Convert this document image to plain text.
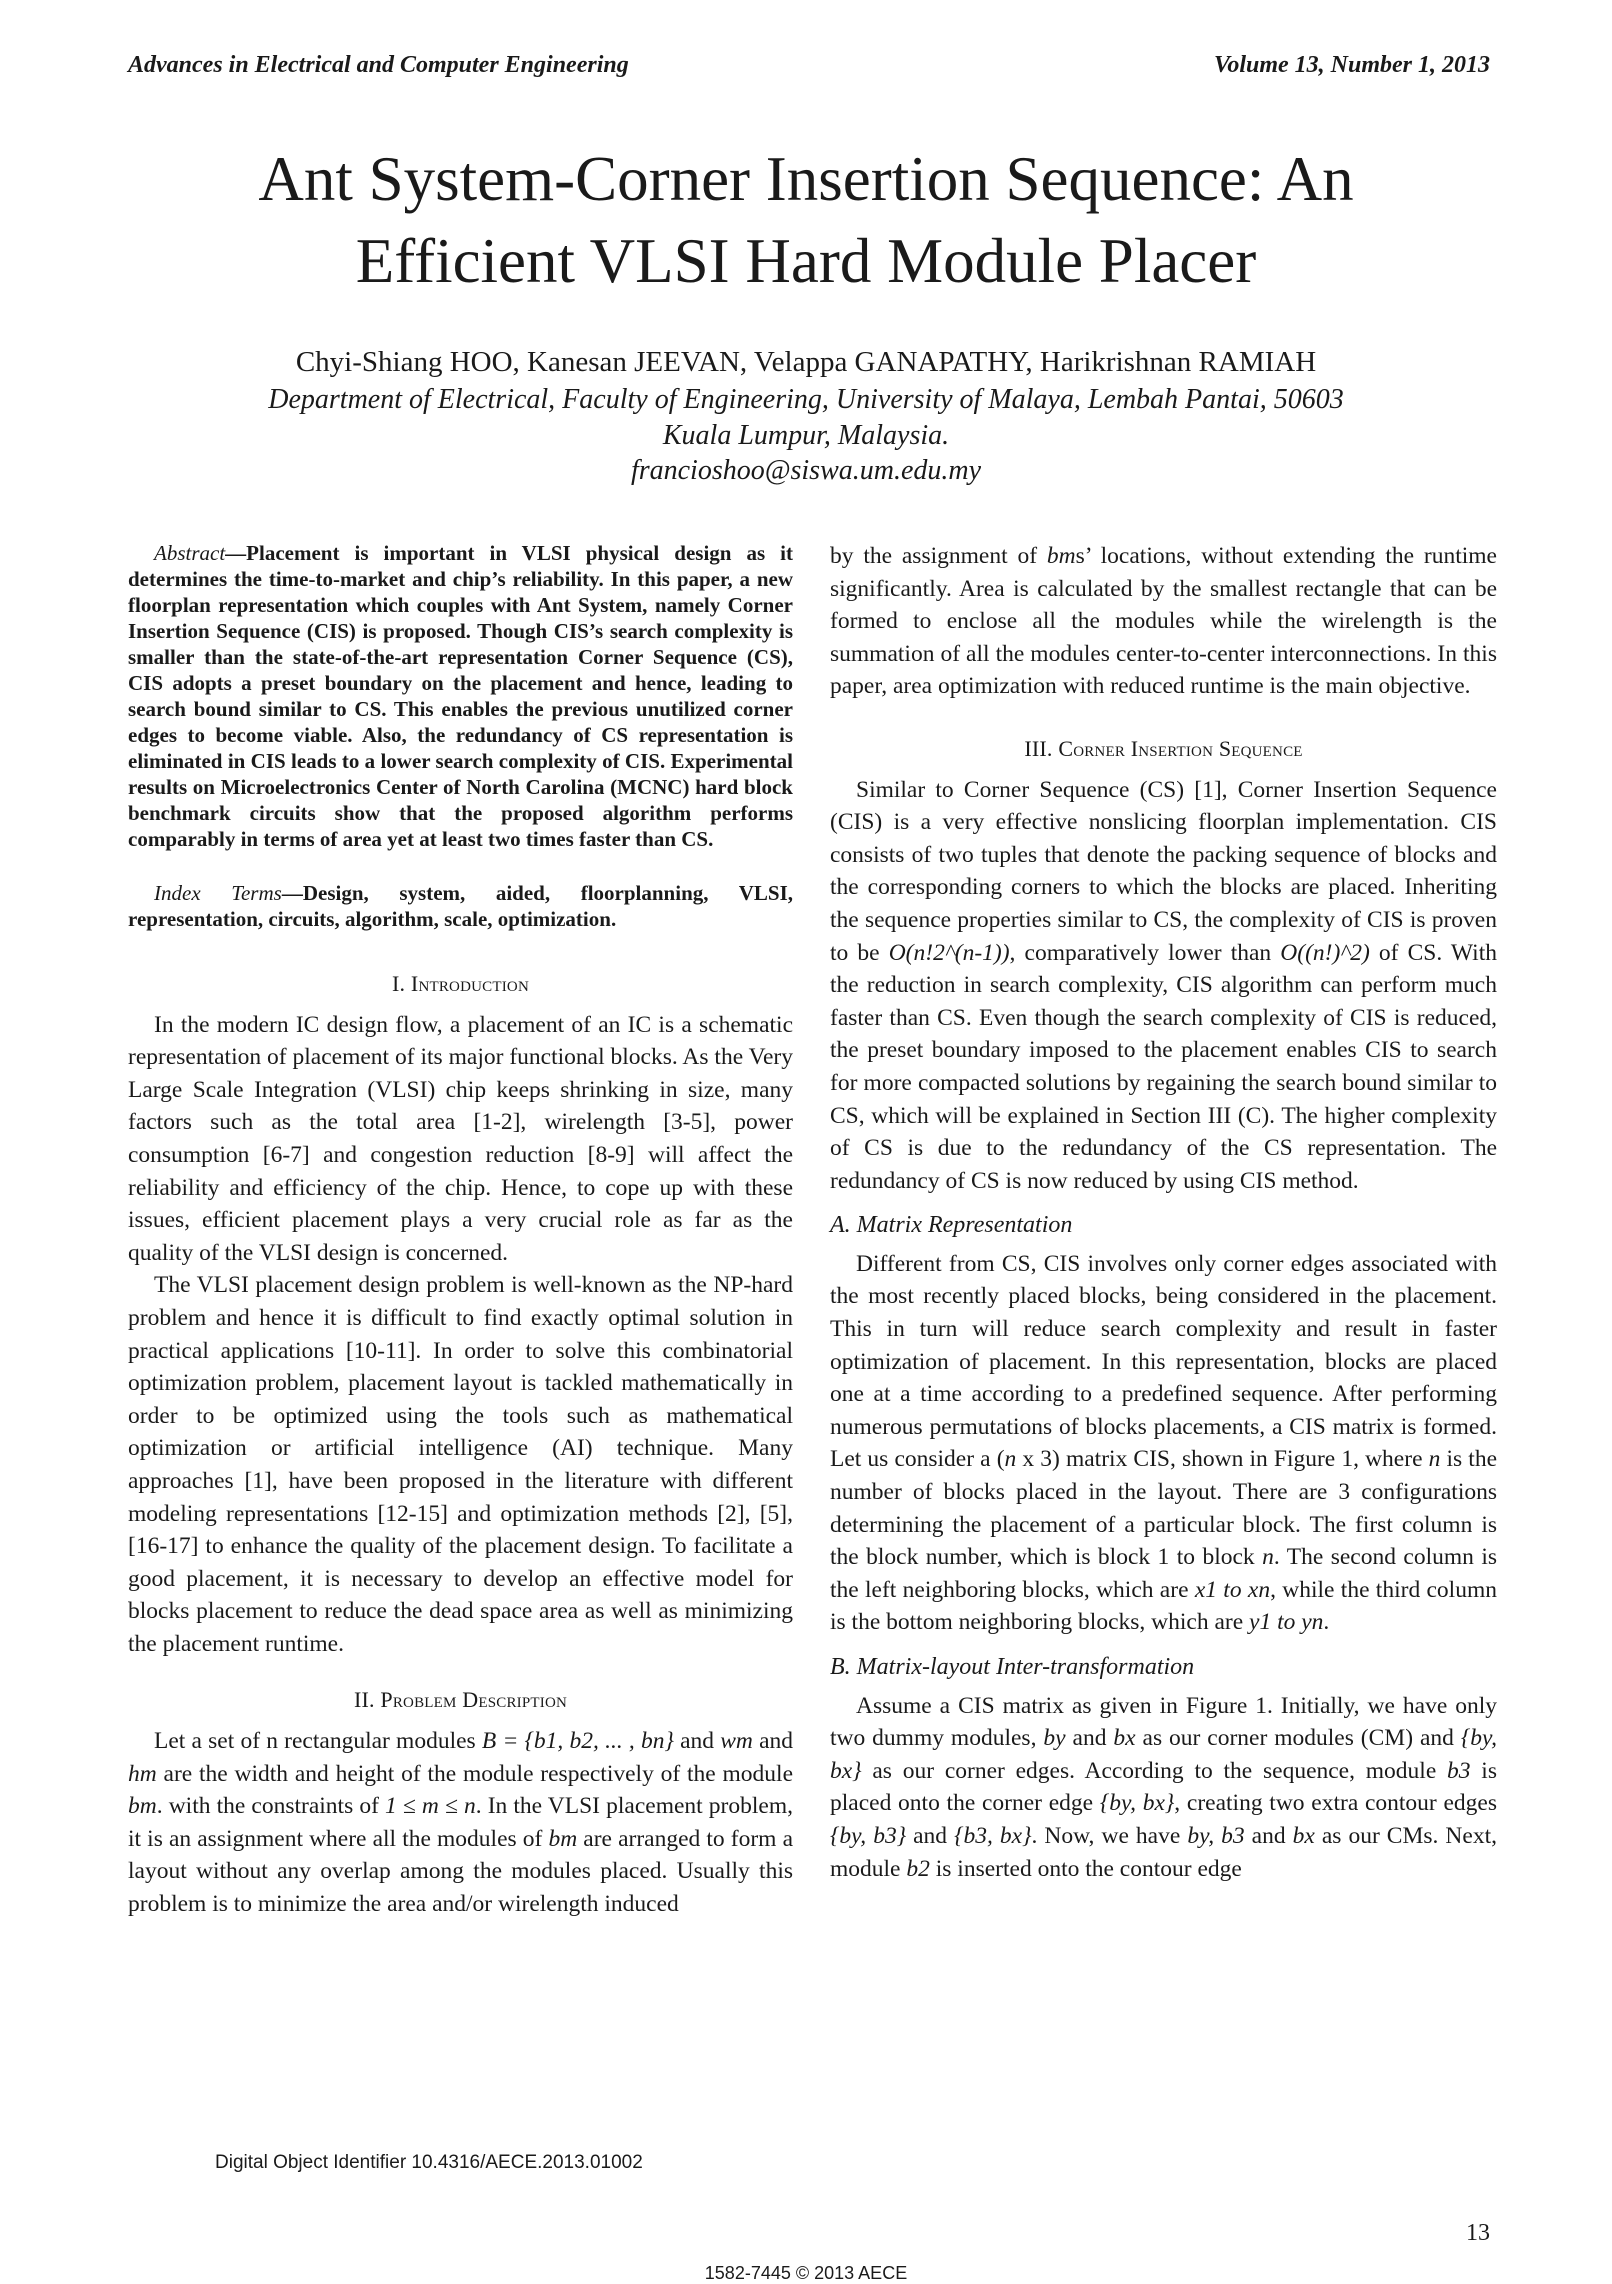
Advances in Electrical and Computer Engineering	Volume 13, Number 1, 2013
Ant System-Corner Insertion Sequence: An Efficient VLSI Hard Module Placer
Chyi-Shiang HOO, Kanesan JEEVAN, Velappa GANAPATHY, Harikrishnan RAMIAH
Department of Electrical, Faculty of Engineering, University of Malaya, Lembah Pantai, 50603
Kuala Lumpur, Malaysia.
francioshoo@siswa.um.edu.my

Abstract—Placement is important in VLSI physical design as it determines the time-to-market and chip’s reliability. In this paper, a new floorplan representation which couples with Ant System, namely Corner Insertion Sequence (CIS) is proposed. Though CIS’s search complexity is smaller than the state-of-the-art representation Corner Sequence (CS), CIS adopts a preset boundary on the placement and hence, leading to search bound similar to CS. This enables the previous unutilized corner edges to become viable. Also, the redundancy of CS representation is eliminated in CIS leads to a lower search complexity of CIS. Experimental results on Microelectronics Center of North Carolina (MCNC) hard block benchmark circuits show that the proposed algorithm performs comparably in terms of area yet at least two times faster than CS.

Index Terms—Design, system, aided, floorplanning, VLSI, representation, circuits, algorithm, scale, optimization.

I. Introduction

In the modern IC design flow, a placement of an IC is a schematic representation of placement of its major functional blocks. As the Very Large Scale Integration (VLSI) chip keeps shrinking in size, many factors such as the total area [1-2], wirelength [3-5], power consumption [6-7] and congestion reduction [8-9] will affect the reliability and efficiency of the chip. Hence, to cope up with these issues, efficient placement plays a very crucial role as far as the quality of the VLSI design is concerned.

The VLSI placement design problem is well-known as the NP-hard problem and hence it is difficult to find exactly optimal solution in practical applications [10-11]. In order to solve this combinatorial optimization problem, placement layout is tackled mathematically in order to be optimized using the tools such as mathematical optimization or artificial intelligence (AI) technique. Many approaches [1], have been proposed in the literature with different modeling representations [12-15] and optimization methods [2], [5], [16-17] to enhance the quality of the placement design. To facilitate a good placement, it is necessary to develop an effective model for blocks placement to reduce the dead space area as well as minimizing the placement runtime.

II. Problem Description

Let a set of n rectangular modules B = {b1, b2, ... , bn} and wm and hm are the width and height of the module respectively of the module bm. with the constraints of 1 ≤ m ≤ n. In the VLSI placement problem, it is an assignment where all the modules of bm are arranged to form a layout without any overlap among the modules placed. Usually this problem is to minimize the area and/or wirelength induced

by the assignment of bms’ locations, without extending the runtime significantly. Area is calculated by the smallest rectangle that can be formed to enclose all the modules while the wirelength is the summation of all the modules center-to-center interconnections. In this paper, area optimization with reduced runtime is the main objective.

III. Corner Insertion Sequence

Similar to Corner Sequence (CS) [1], Corner Insertion Sequence (CIS) is a very effective nonslicing floorplan implementation. CIS consists of two tuples that denote the packing sequence of blocks and the corresponding corners to which the blocks are placed. Inheriting the sequence properties similar to CS, the complexity of CIS is proven to be O(n!2^(n-1)), comparatively lower than O((n!)^2) of CS. With the reduction in search complexity, CIS algorithm can perform much faster than CS. Even though the search complexity of CIS is reduced, the preset boundary imposed to the placement enables CIS to search for more compacted solutions by regaining the search bound similar to CS, which will be explained in Section III (C). The higher complexity of CS is due to the redundancy of the CS representation. The redundancy of CS is now reduced by using CIS method.

A. Matrix Representation

Different from CS, CIS involves only corner edges associated with the most recently placed blocks, being considered in the placement. This in turn will reduce search complexity and result in faster optimization of placement. In this representation, blocks are placed one at a time according to a predefined sequence. After performing numerous permutations of blocks placements, a CIS matrix is formed. Let us consider a (n x 3) matrix CIS, shown in Figure 1, where n is the number of blocks placed in the layout. There are 3 configurations determining the placement of a particular block. The first column is the block number, which is block 1 to block n. The second column is the left neighboring blocks, which are x1 to xn, while the third column is the bottom neighboring blocks, which are y1 to yn.

B. Matrix-layout Inter-transformation

Assume a CIS matrix as given in Figure 1. Initially, we have only two dummy modules, by and bx as our corner modules (CM) and {by, bx} as our corner edges. According to the sequence, module b3 is placed onto the corner edge {by, bx}, creating two extra contour edges {by, b3} and {b3, bx}. Now, we have by, b3 and bx as our CMs. Next, module b2 is inserted onto the contour edge

Digital Object Identifier 10.4316/AECE.2013.01002
13
1582-7445 © 2013 AECE
